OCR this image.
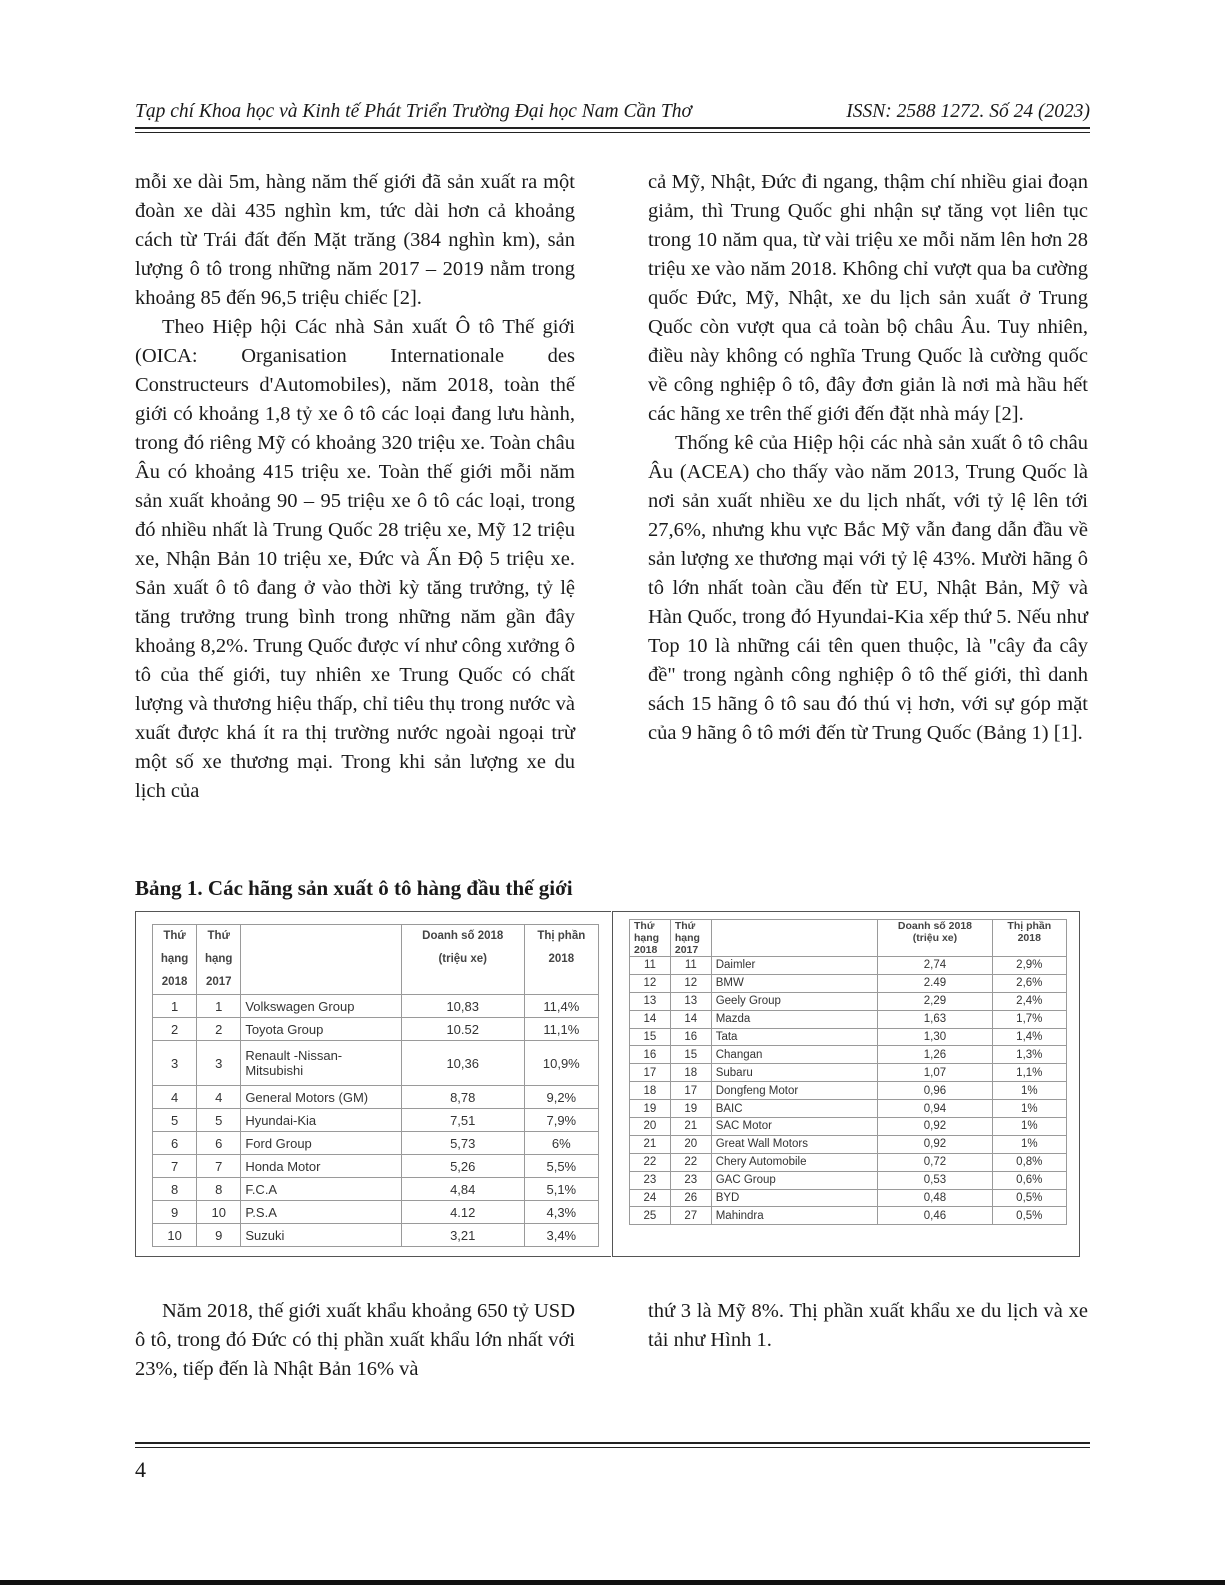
Tạp chí Khoa học và Kinh tế Phát Triển Trường Đại học Nam Cần Thơ	ISSN: 2588 1272. Số 24 (2023)

mỗi xe dài 5m, hàng năm thế giới đã sản xuất ra một đoàn xe dài 435 nghìn km, tức dài hơn cả khoảng cách từ Trái đất đến Mặt trăng (384 nghìn km), sản lượng ô tô trong những năm 2017 – 2019 nằm trong khoảng 85 đến 96,5 triệu chiếc [2].

Theo Hiệp hội Các nhà Sản xuất Ô tô Thế giới (OICA: Organisation Internationale des Constructeurs d'Automobiles), năm 2018, toàn thế giới có khoảng 1,8 tỷ xe ô tô các loại đang lưu hành, trong đó riêng Mỹ có khoảng 320 triệu xe. Toàn châu Âu có khoảng 415 triệu xe. Toàn thế giới mỗi năm sản xuất khoảng 90 – 95 triệu xe ô tô các loại, trong đó nhiều nhất là Trung Quốc 28 triệu xe, Mỹ 12 triệu xe, Nhận Bản 10 triệu xe, Đức và Ấn Độ 5 triệu xe. Sản xuất ô tô đang ở vào thời kỳ tăng trưởng, tỷ lệ tăng trưởng trung bình trong những năm gần đây khoảng 8,2%. Trung Quốc được ví như công xưởng ô tô của thế giới, tuy nhiên xe Trung Quốc có chất lượng và thương hiệu thấp, chỉ tiêu thụ trong nước và xuất được khá ít ra thị trường nước ngoài ngoại trừ một số xe thương mại. Trong khi sản lượng xe du lịch của

cả Mỹ, Nhật, Đức đi ngang, thậm chí nhiều giai đoạn giảm, thì Trung Quốc ghi nhận sự tăng vọt liên tục trong 10 năm qua, từ vài triệu xe mỗi năm lên hơn 28 triệu xe vào năm 2018. Không chỉ vượt qua ba cường quốc Đức, Mỹ, Nhật, xe du lịch sản xuất ở Trung Quốc còn vượt qua cả toàn bộ châu Âu. Tuy nhiên, điều này không có nghĩa Trung Quốc là cường quốc về công nghiệp ô tô, đây đơn giản là nơi mà hầu hết các hãng xe trên thế giới đến đặt nhà máy [2].

Thống kê của Hiệp hội các nhà sản xuất ô tô châu Âu (ACEA) cho thấy vào năm 2013, Trung Quốc là nơi sản xuất nhiều xe du lịch nhất, với tỷ lệ lên tới 27,6%, nhưng khu vực Bắc Mỹ vẫn đang dẫn đầu về sản lượng xe thương mại với tỷ lệ 43%. Mười hãng ô tô lớn nhất toàn cầu đến từ EU, Nhật Bản, Mỹ và Hàn Quốc, trong đó Hyundai-Kia xếp thứ 5. Nếu như Top 10 là những cái tên quen thuộc, là "cây đa cây đề" trong ngành công nghiệp ô tô thế giới, thì danh sách 15 hãng ô tô sau đó thú vị hơn, với sự góp mặt của 9 hãng ô tô mới đến từ Trung Quốc (Bảng 1) [1].

Bảng 1. Các hãng sản xuất ô tô hàng đầu thế giới
Thứ
hạng
2018	Thứ
hạng
2017		Doanh số 2018
(triệu xe)	Thị phần
2018
1	1	Volkswagen Group	10,83	11,4%
2	2	Toyota Group	10.52	11,1%
3	3	Renault -Nissan-Mitsubishi	10,36	10,9%
4	4	General Motors (GM)	8,78	9,2%
5	5	Hyundai-Kia	7,51	7,9%
6	6	Ford Group	5,73	6%
7	7	Honda Motor	5,26	5,5%
8	8	F.C.A	4,84	5,1%
9	10	P.S.A	4.12	4,3%
10	9	Suzuki	3,21	3,4%
Thứ
hạng
2018	Thứ
hạng
2017		Doanh số 2018
(triệu xe)	Thị phần
2018
11	11	Daimler	2,74	2,9%
12	12	BMW	2.49	2,6%
13	13	Geely Group	2,29	2,4%
14	14	Mazda	1,63	1,7%
15	16	Tata	1,30	1,4%
16	15	Changan	1,26	1,3%
17	18	Subaru	1,07	1,1%
18	17	Dongfeng Motor	0,96	1%
19	19	BAIC	0,94	1%
20	21	SAC Motor	0,92	1%
21	20	Great Wall Motors	0,92	1%
22	22	Chery Automobile	0,72	0,8%
23	23	GAC Group	0,53	0,6%
24	26	BYD	0,48	0,5%
25	27	Mahindra	0,46	0,5%

Năm 2018, thế giới xuất khẩu khoảng 650 tỷ USD ô tô, trong đó Đức có thị phần xuất khẩu lớn nhất với 23%, tiếp đến là Nhật Bản 16% và

thứ 3 là Mỹ 8%. Thị phần xuất khẩu xe du lịch và xe tải như Hình 1.

4
